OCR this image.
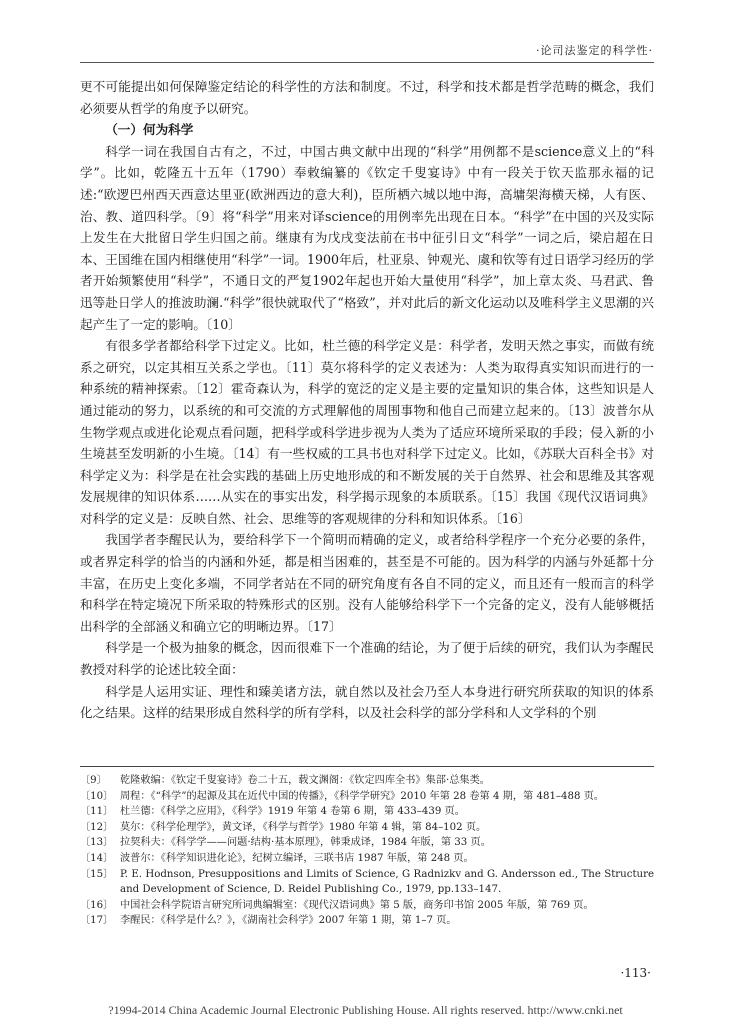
·论司法鉴定的科学性·

更不可能提出如何保障鉴定结论的科学性的方法和制度。不过，科学和技术都是哲学范畴的概念，我们必须要从哲学的角度予以研究。

（一）何为科学

科学一词在我国自古有之，不过，中国古典文献中出现的“科学”用例都不是science意义上的“科学”。比如，乾隆五十五年（1790）奉敕编纂的《钦定千叟宴诗》中有一段关于钦天监那永福的记述:“欧逻巴州西天西意达里亚(欧洲西边的意大利)，臣所栖六城以地中海，高墉架海横天梯，人有医、治、教、道四科学。〔9〕将“科学”用来对译science的用例率先出现在日本。“科学”在中国的兴及实际上发生在大批留日学生归国之前。继康有为戊戌变法前在书中征引日文“科学”一词之后，梁启超在日本、王国维在国内相继使用“科学”一词。1900年后，杜亚泉、钟观光、虞和钦等有过日语学习经历的学者开始频繁使用“科学”，不通日文的严复1902年起也开始大量使用“科学”，加上章太炎、马君武、鲁迅等赴日学人的推波助澜.“科学”很快就取代了“格致”，并对此后的新文化运动以及唯科学主义思潮的兴起产生了一定的影响。〔10〕

有很多学者都给科学下过定义。比如，杜兰德的科学定义是：科学者，发明天然之事实，而做有统系之研究，以定其相互关系之学也。〔11〕莫尔将科学的定义表述为：人类为取得真实知识而进行的一种系统的精神探索。〔12〕霍奇森认为，科学的宽泛的定义是主要的定量知识的集合体，这些知识是人通过能动的努力，以系统的和可交流的方式理解他的周围事物和他自己而建立起来的。〔13〕波普尔从生物学观点或进化论观点看问题，把科学或科学进步视为人类为了适应环境所采取的手段；侵入新的小生境甚至发明新的小生境。〔14〕有一些权威的工具书也对科学下过定义。比如，《苏联大百科全书》对科学定义为：科学是在社会实践的基础上历史地形成的和不断发展的关于自然界、社会和思维及其客观发展规律的知识体系……从实在的事实出发，科学揭示现象的本质联系。〔15〕我国《现代汉语词典》对科学的定义是：反映自然、社会、思维等的客观规律的分科和知识体系。〔16〕

我国学者李醒民认为，要给科学下一个简明而精确的定义，或者给科学程序一个充分必要的条件，或者界定科学的恰当的内涵和外延，都是相当困难的，甚至是不可能的。因为科学的内涵与外延都十分丰富，在历史上变化多端，不同学者站在不同的研究角度有各自不同的定义，而且还有一般而言的科学和科学在特定境况下所采取的特殊形式的区别。没有人能够给科学下一个完备的定义，没有人能够概括出科学的全部涵义和确立它的明晰边界。〔17〕

科学是一个极为抽象的概念，因而很难下一个准确的结论，为了便于后续的研究，我们认为李醒民教授对科学的论述比较全面：

科学是人运用实证、理性和臻美诸方法，就自然以及社会乃至人本身进行研究所获取的知识的体系化之结果。这样的结果形成自然科学的所有学科，以及社会科学的部分学科和人文学科的个别

〔9〕	乾隆敕编：《钦定千叟宴诗》卷二十五，载文渊阁：《钦定四库全书》集部·总集类。
〔10〕 周程：《“科学”的起源及其在近代中国的传播》，《科学学研究》2010 年第 28 卷第 4 期，第 481–488 页。
〔11〕 杜兰德：《科学之应用》，《科学》1919 年第 4 卷第 6 期，第 433–439 页。
〔12〕 莫尔：《科学伦理学》，黄文译，《科学与哲学》1980 年第 4 辑，第 84–102 页。
〔13〕 拉契科夫：《科学学——问题·结构·基本原理》，韩秉成译，1984 年版，第 33 页。
〔14〕 波普尔：《科学知识进化论》，纪树立编译，三联书店 1987 年版，第 248 页。
〔15〕 P. E. Hodnson, Presuppositions and Limits of Science, G Radnizkv and G. Andersson ed., The Structure and Development of Science, D. Reidel Publishing Co., 1979, pp.133–147.
〔16〕 中国社会科学院语言研究所词典编辑室：《现代汉语词典》第 5 版，商务印书馆 2005 年版，第 769 页。
〔17〕 李醒民：《科学是什么？》，《湖南社会科学》2007 年第 1 期，第 1–7 页。
·113·
?1994-2014 China Academic Journal Electronic Publishing House. All rights reserved. http://www.cnki.net
